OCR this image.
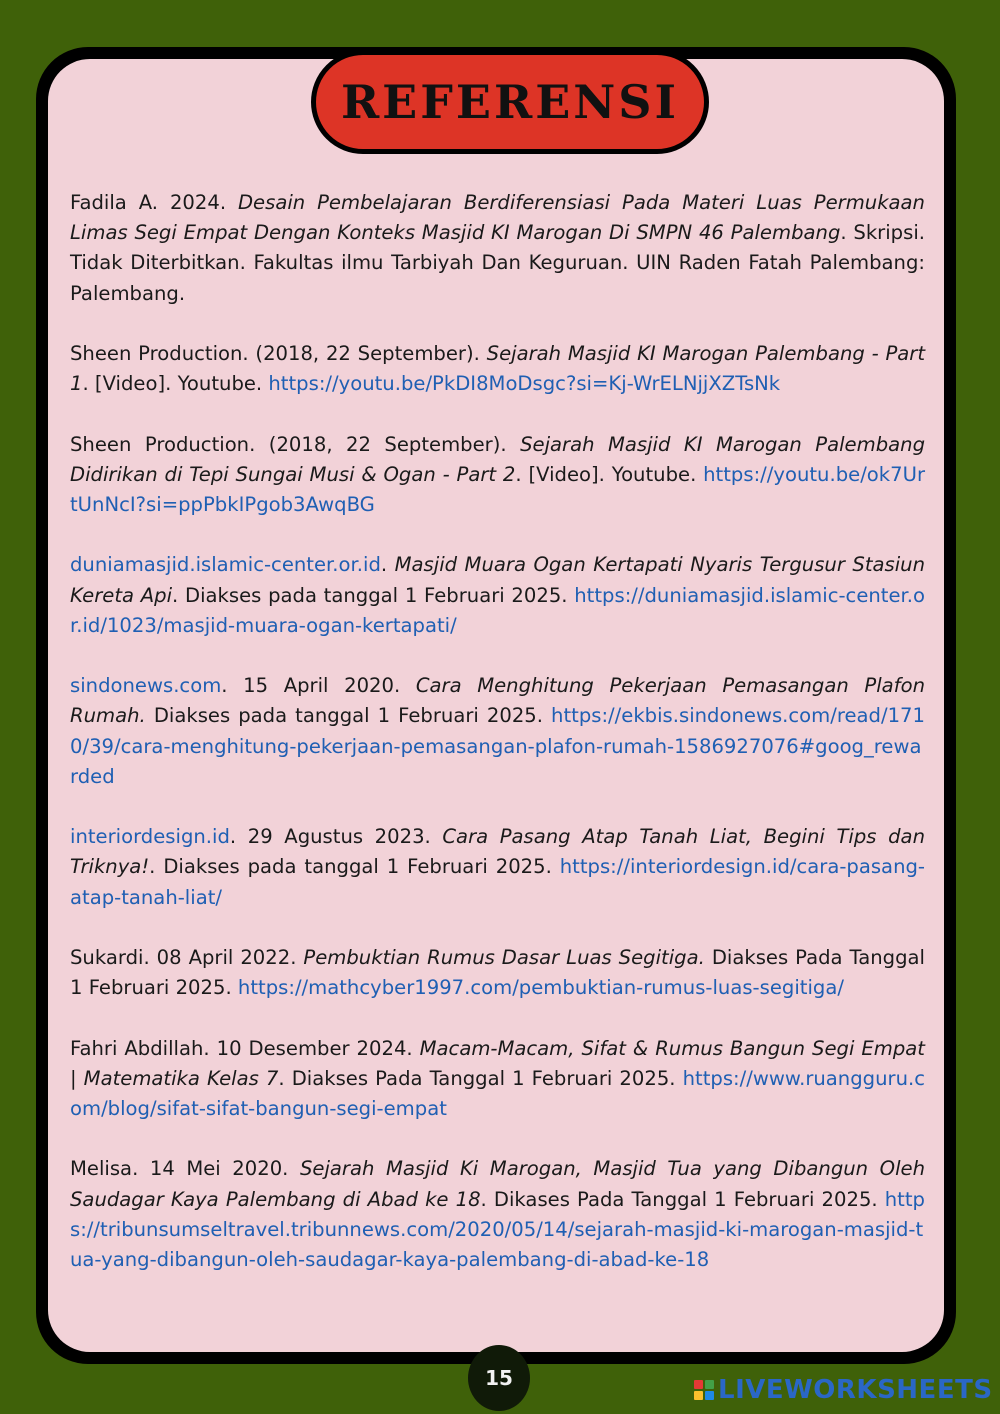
REFERENSI

Fadila A. 2024. Desain Pembelajaran Berdiferensiasi Pada Materi Luas Permukaan Limas Segi Empat Dengan Konteks Masjid KI Marogan Di SMPN 46 Palembang. Skripsi. Tidak Diterbitkan. Fakultas ilmu Tarbiyah Dan Keguruan. UIN Raden Fatah Palembang: Palembang.

Sheen Production. (2018, 22 September). Sejarah Masjid KI Marogan Palembang - Part 1. [Video]. Youtube. https://youtu.be/PkDI8MoDsgc?si=Kj-WrELNjjXZTsNk

Sheen Production. (2018, 22 September). Sejarah Masjid KI Marogan Palembang Didirikan di Tepi Sungai Musi & Ogan - Part 2. [Video]. Youtube. https://youtu.be/ok7UrtUnNcI?si=ppPbkIPgob3AwqBG

duniamasjid.islamic-center.or.id. Masjid Muara Ogan Kertapati Nyaris Tergusur Stasiun Kereta Api. Diakses pada tanggal 1 Februari 2025. https://duniamasjid.islamic-center.or.id/1023/masjid-muara-ogan-kertapati/

sindonews.com. 15 April 2020. Cara Menghitung Pekerjaan Pemasangan Plafon Rumah. Diakses pada tanggal 1 Februari 2025. https://ekbis.sindonews.com/read/1710/39/cara-menghitung-pekerjaan-pemasangan-plafon-rumah-1586927076#goog_rewarded

interiordesign.id. 29 Agustus 2023. Cara Pasang Atap Tanah Liat, Begini Tips dan Triknya!. Diakses pada tanggal 1 Februari 2025. https://interiordesign.id/cara-pasang-atap-tanah-liat/

Sukardi. 08 April 2022. Pembuktian Rumus Dasar Luas Segitiga. Diakses Pada Tanggal 1 Februari 2025. https://mathcyber1997.com/pembuktian-rumus-luas-segitiga/

Fahri Abdillah. 10 Desember 2024. Macam-Macam, Sifat & Rumus Bangun Segi Empat | Matematika Kelas 7. Diakses Pada Tanggal 1 Februari 2025. https://www.ruangguru.com/blog/sifat-sifat-bangun-segi-empat

Melisa. 14 Mei 2020. Sejarah Masjid Ki Marogan, Masjid Tua yang Dibangun Oleh Saudagar Kaya Palembang di Abad ke 18. Dikases Pada Tanggal 1 Februari 2025. https://tribunsumseltravel.tribunnews.com/2020/05/14/sejarah-masjid-ki-marogan-masjid-tua-yang-dibangun-oleh-saudagar-kaya-palembang-di-abad-ke-18

15	LIVEWORKSHEETS
